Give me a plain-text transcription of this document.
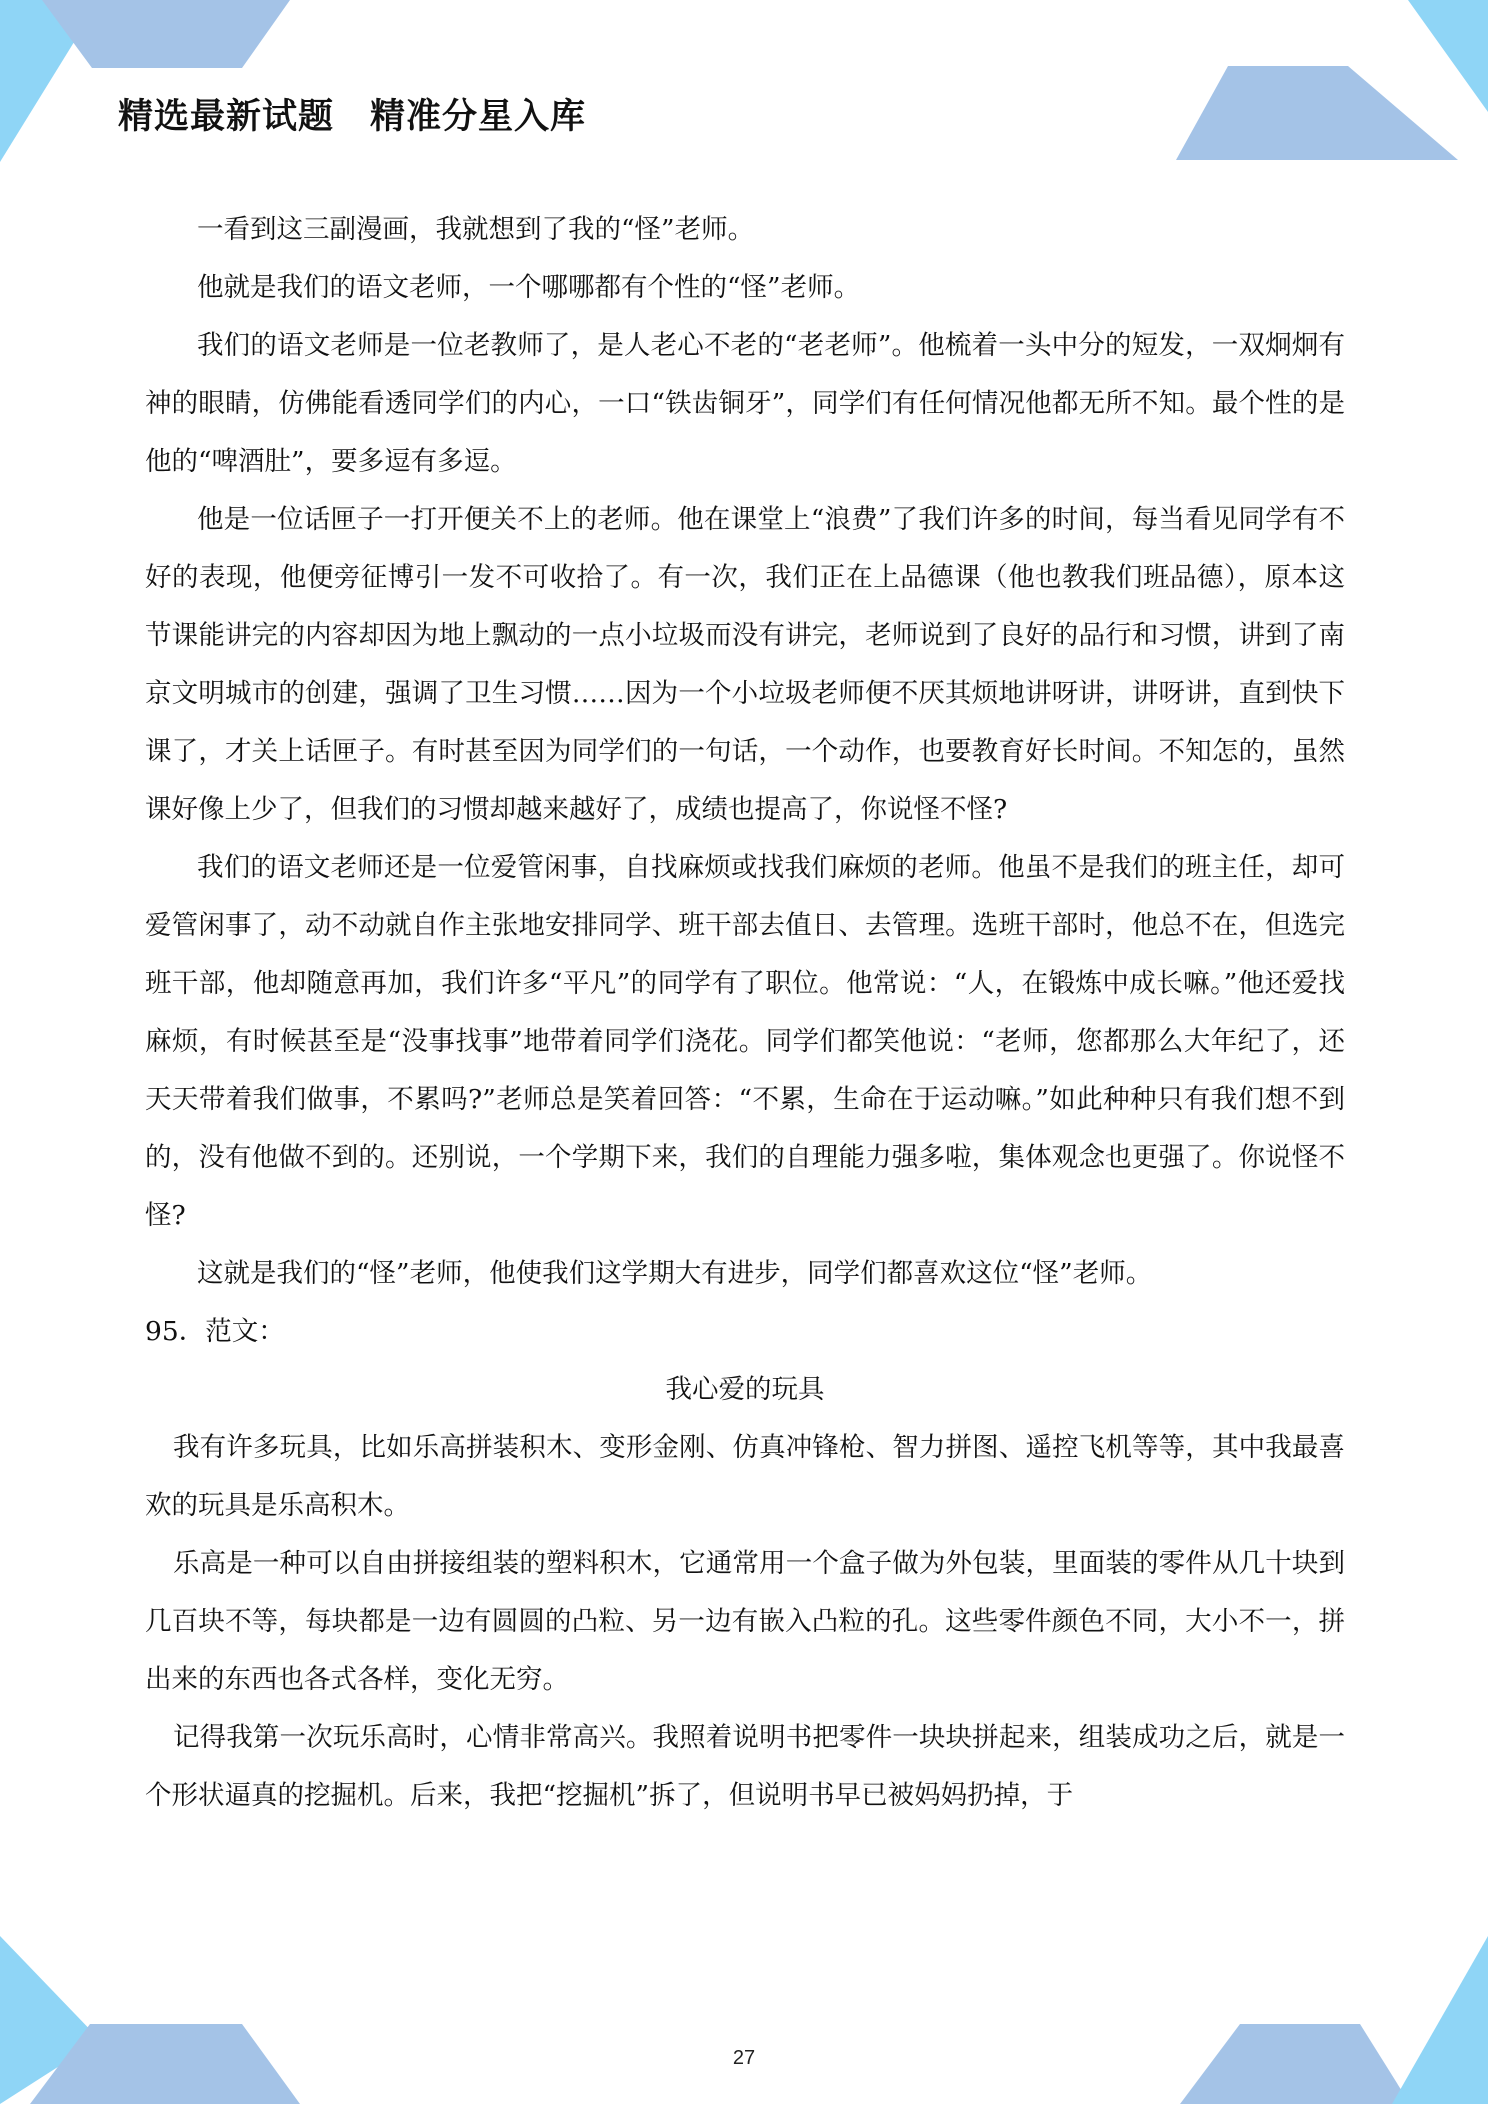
精选最新试题　精准分星入库

一看到这三副漫画，我就想到了我的“怪”老师。

他就是我们的语文老师，一个哪哪都有个性的“怪”老师。

我们的语文老师是一位老教师了，是人老心不老的“老老师”。他梳着一头中分的短发，一双炯炯有神的眼睛，仿佛能看透同学们的内心，一口“铁齿铜牙”，同学们有任何情况他都无所不知。最个性的是他的“啤酒肚”，要多逗有多逗。

他是一位话匣子一打开便关不上的老师。他在课堂上“浪费”了我们许多的时间，每当看见同学有不好的表现，他便旁征博引一发不可收拾了。有一次，我们正在上品德课（他也教我们班品德），原本这节课能讲完的内容却因为地上飘动的一点小垃圾而没有讲完，老师说到了良好的品行和习惯，讲到了南京文明城市的创建，强调了卫生习惯……因为一个小垃圾老师便不厌其烦地讲呀讲，讲呀讲，直到快下课了，才关上话匣子。有时甚至因为同学们的一句话，一个动作，也要教育好长时间。不知怎的，虽然课好像上少了，但我们的习惯却越来越好了，成绩也提高了，你说怪不怪?

我们的语文老师还是一位爱管闲事，自找麻烦或找我们麻烦的老师。他虽不是我们的班主任，却可爱管闲事了，动不动就自作主张地安排同学、班干部去值日、去管理。选班干部时，他总不在，但选完班干部，他却随意再加，我们许多“平凡”的同学有了职位。他常说：“人，在锻炼中成长嘛。”他还爱找麻烦，有时候甚至是“没事找事”地带着同学们浇花。同学们都笑他说：“老师，您都那么大年纪了，还天天带着我们做事，不累吗?”老师总是笑着回答：“不累，生命在于运动嘛。”如此种种只有我们想不到的，没有他做不到的。还别说，一个学期下来，我们的自理能力强多啦，集体观念也更强了。你说怪不怪?

这就是我们的“怪”老师，他使我们这学期大有进步，同学们都喜欢这位“怪”老师。

95．范文：

我心爱的玩具

我有许多玩具，比如乐高拼装积木、变形金刚、仿真冲锋枪、智力拼图、遥控飞机等等，其中我最喜欢的玩具是乐高积木。

乐高是一种可以自由拼接组装的塑料积木，它通常用一个盒子做为外包装，里面装的零件从几十块到几百块不等，每块都是一边有圆圆的凸粒、另一边有嵌入凸粒的孔。这些零件颜色不同，大小不一，拼出来的东西也各式各样，变化无穷。

记得我第一次玩乐高时，心情非常高兴。我照着说明书把零件一块块拼起来，组装成功之后，就是一个形状逼真的挖掘机。后来，我把“挖掘机”拆了，但说明书早已被妈妈扔掉，于

27
